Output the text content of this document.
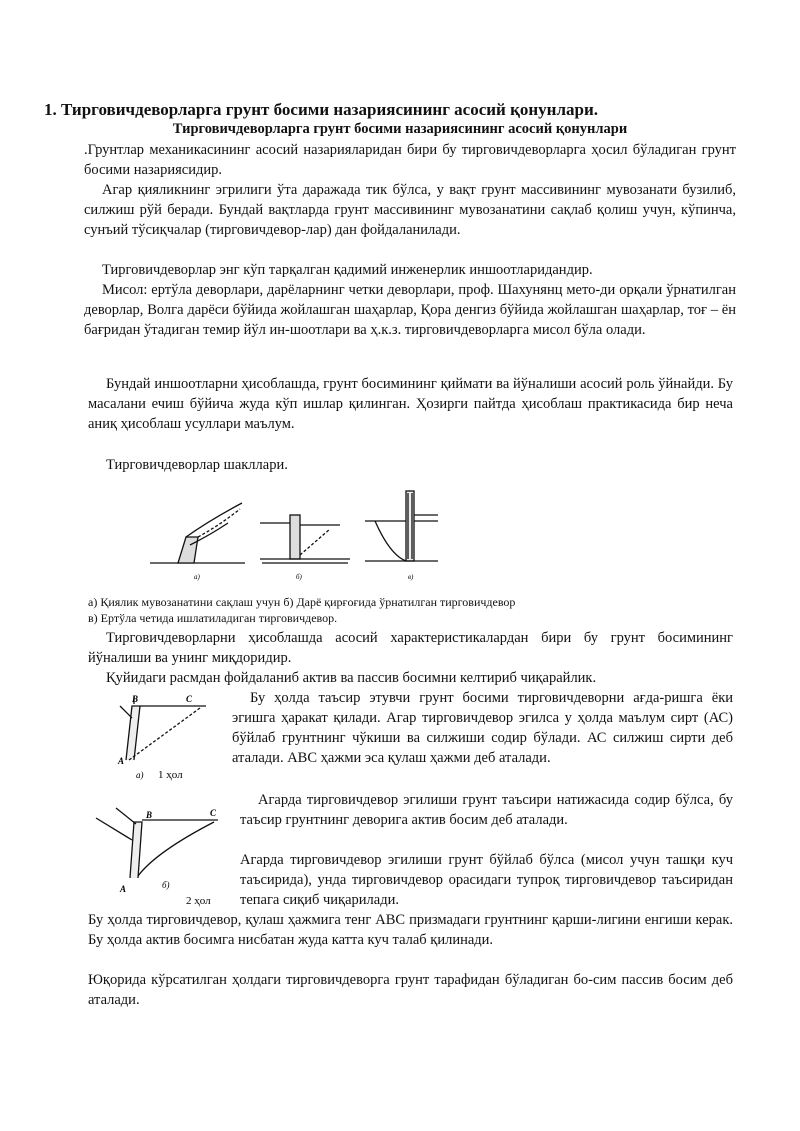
1. Тирговичдеворларга грунт босими назариясининг асосий қонунлари.
Тирговичдеворларга грунт босими назариясининг асосий қонунлари
.Грунтлар механикасининг асосий назарияларидан бири бу тирговичдеворларга ҳосил бўладиган грунт босими назариясидир.
Агар қияликнинг эгрилиги ўта даражада тик бўлса, у вақт грунт массивининг мувозанати бузилиб, силжиш рўй беради. Бундай вақтларда грунт массивининг мувозанатини сақлаб қолиш учун, кўпинча, сунъий тўсиқчалар (тирговичдевор-лар) дан фойдаланилади.
Тирговичдеворлар энг кўп тарқалган қадимий инженерлик иншоотларидандир.
Мисол: ертўла деворлари, дарёларнинг четки деворлари, проф. Шахунянц мето-ди орқали ўрнатилган деворлар, Волга дарёси бўйида жойлашган шаҳарлар, Қора денгиз бўйида жойлашган шаҳарлар, тоғ – ён бағридан ўтадиган темир йўл ин-шоотлари ва ҳ.к.з. тирговичдеворларга мисол бўла олади.
Бундай иншоотларни ҳисоблашда, грунт босимининг қиймати ва йўналиши асосий роль ўйнайди. Бу масалани ечиш бўйича жуда кўп ишлар қилинган. Ҳозирги пайтда ҳисоблаш практикасида бир неча аниқ ҳисоблаш усуллари маълум.
Тирговичдеворлар шакллари.
а)	б)	в)
а) Қиялик мувозанатини сақлаш учун б) Дарё қирғоғида ўрнатилган тирговичдевор
в) Ертўла четида ишлатиладиган тирговичдевор.
Тирговичдеворларни ҳисоблашда асосий характеристикалардан бири бу грунт босимининг йўналиши ва унинг миқдоридир.
Қуйидаги расмдан фойдаланиб актив ва пассив босимни келтириб чиқарайлик.
A
B	C
а) 1 ҳол
Бу ҳолда таъсир этувчи грунт босими тирговичдеворни ағда-ришга ёки эгишга ҳаракат қилади. Агар тирговичдевор эгилса у ҳолда маълум сирт (АС) бўйлаб грунтнинг чўкиши ва силжиши содир бўлади. АС силжиш сирти деб аталади. АВС ҳажми эса қулаш ҳажми деб аталади.
A
B	C
б)
2 ҳол
Агарда тирговичдевор эгилиши грунт таъсири натижасида содир бўлса, бу таъсир грунтнинг деворига актив босим деб аталади.
Агарда тирговичдевор эгилиши грунт бўйлаб бўлса (мисол учун ташқи куч таъсирида), унда тирговичдевор орасидаги тупроқ тирговичдевор таъсиридан тепага сиқиб чиқарилади.
Бу ҳолда тирговичдевор, қулаш ҳажмига тенг АВС призмадаги грунтнинг қарши-лигини енгиши керак. Бу ҳолда актив босимга нисбатан жуда катта куч талаб қилинади.
Юқорида кўрсатилган ҳолдаги тирговичдеворга грунт тарафидан бўладиган бо-сим пассив босим деб аталади.
